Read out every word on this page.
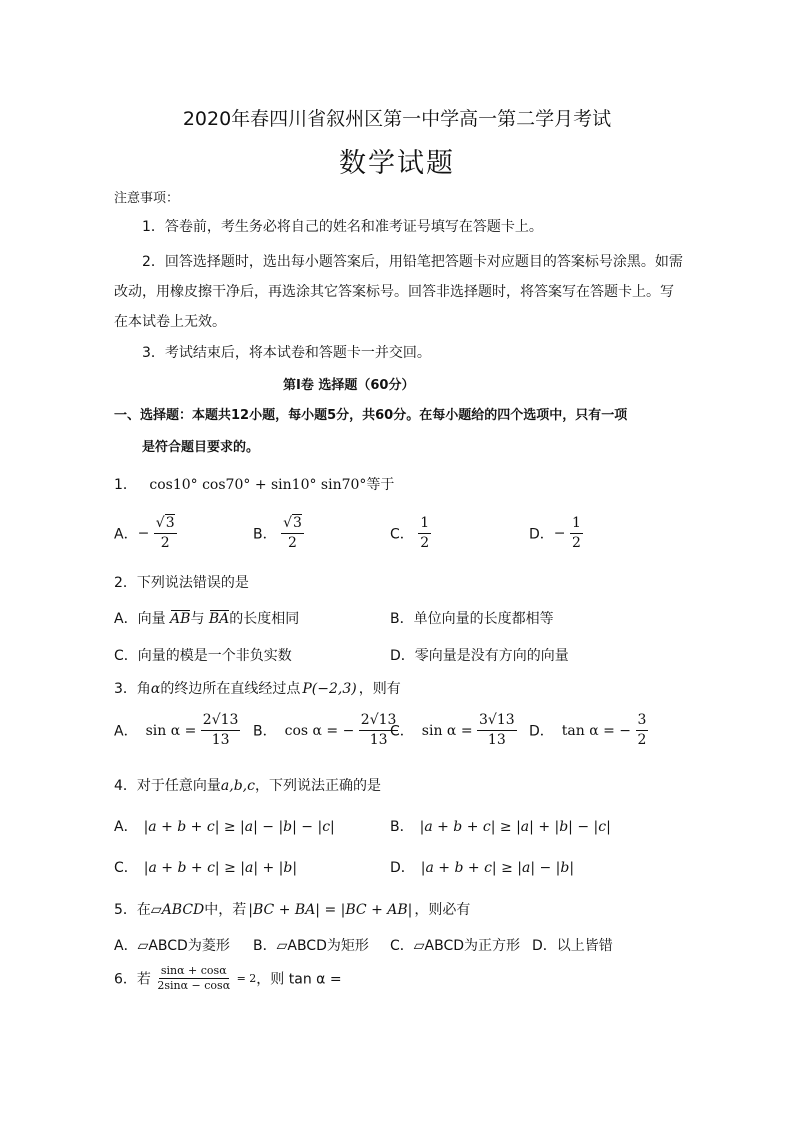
2020年春四川省叙州区第一中学高一第二学月考试
数学试题
注意事项：
1．答卷前，考生务必将自己的姓名和准考证号填写在答题卡上。
2．回答选择题时，选出每小题答案后，用铅笔把答题卡对应题目的答案标号涂黑。如需
改动，用橡皮擦干净后，再选涂其它答案标号。回答非选择题时，将答案写在答题卡上。写
在本试卷上无效。
3．考试结束后，将本试卷和答题卡一并交回。
第Ⅰ卷 选择题（60分）
一、选择题：本题共12小题，每小题5分，共60分。在每小题给的四个选项中，只有一项
是符合题目要求的。
1． cos10° cos70° + sin10° sin70°等于
A．− $\frac{√3}{2}$	B． $\frac{√3}{2}$	C． $\frac{1}{2}$	D．− $\frac{1}{2}$
2．下列说法错误的是
A．向量 AB与 BA的长度相同	B．单位向量的长度都相等
C．向量的模是一个非负实数	D．零向量是没有方向的向量
3．角α的终边所在直线经过点 P(−2,3) ，则有
A． $\sin \alpha = \frac{2√13}{13}$ B． cos α = − $\frac{2√13}{13}$
C． $\sin \alpha = \frac{3√13}{13}$ D． tan α = − $\frac{3}{2}$
4．对于任意向量a,b,c，下列说法正确的是
A． |a + b + c| ≥ |a| − |b| − |c|	B． |a + b + c| ≥ |a| + |b| − |c|
C． |a + b + c| ≥ |a| + |b|	D． |a + b + c| ≥ |a| − |b|
5．在▱ABCD中，若 |BC + BA| = |BC + AB| ，则必有
A．▱ABCD为菱形 B．▱ABCD为矩形 C．▱ABCD为正方形 D．以上皆错
6．若 $\frac{\sin\alpha + \cos\alpha}{2\sin\alpha - \cos\alpha} = 2$，则 tan α =
